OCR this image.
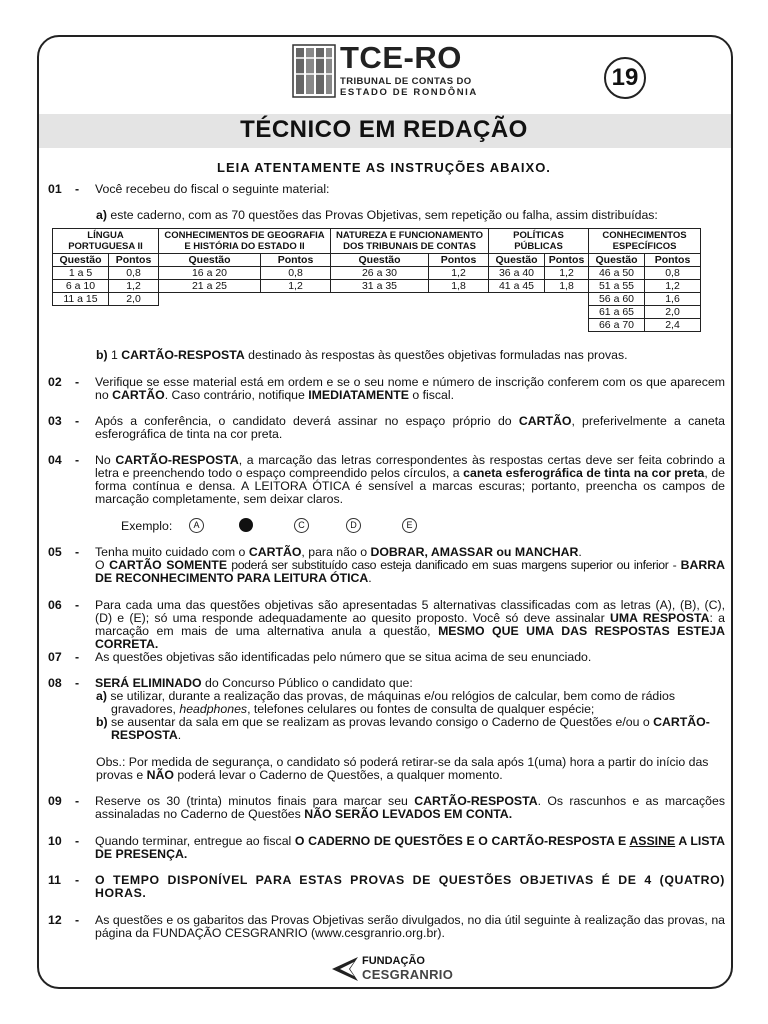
TCE-RO
TRIBUNAL DE CONTAS DO
ESTADO DE RONDÔNIA
19
TÉCNICO EM REDAÇÃO
LEIA ATENTAMENTE AS INSTRUÇÕES ABAIXO.
01 - Você recebeu do fiscal o seguinte material:
a) este caderno, com as 70 questões das Provas Objetivas, sem repetição ou falha, assim distribuídas:
LÍNGUA PORTUGUESA II		CONHECIMENTOS DE GEOGRAFIA E HISTÓRIA DO ESTADO II		NATUREZA E FUNCIONAMENTO DOS TRIBUNAIS DE CONTAS		POLÍTICAS PÚBLICAS		CONHECIMENTOS ESPECÍFICOS	
Questão	Pontos	Questão	Pontos	Questão	Pontos	Questão	Pontos	Questão	Pontos
1 a 5	0,8	16 a 20	0,8	26 a 30	1,2	36 a 40	1,2	46 a 50	0,8
6 a 10	1,2	21 a 25	1,2	31 a 35	1,8	41 a 45	1,8	51 a 55	1,2
11 a 15	2,0							56 a 60	1,6
								61 a 65	2,0
								66 a 70	2,4
b) 1 CARTÃO-RESPOSTA destinado às respostas às questões objetivas formuladas nas provas.
02 - Verifique se esse material está em ordem e se o seu nome e número de inscrição conferem com os que aparecem no CARTÃO. Caso contrário, notifique IMEDIATAMENTE o fiscal.
03 - Após a conferência, o candidato deverá assinar no espaço próprio do CARTÃO, preferivelmente a caneta esferográfica de tinta na cor preta.
04 - No CARTÃO-RESPOSTA, a marcação das letras correspondentes às respostas certas deve ser feita cobrindo a letra e preenchendo todo o espaço compreendido pelos círculos, a caneta esferográfica de tinta na cor preta, de forma contínua e densa. A LEITORA ÓTICA é sensível a marcas escuras; portanto, preencha os campos de marcação completamente, sem deixar claros.
Exemplo:	A	C	D	E
05 - Tenha muito cuidado com o CARTÃO, para não o DOBRAR, AMASSAR ou MANCHAR.
O CARTÃO SOMENTE poderá ser substituído caso esteja danificado em suas margens superior ou inferior - BARRA DE RECONHECIMENTO PARA LEITURA ÓTICA.
06 - Para cada uma das questões objetivas são apresentadas 5 alternativas classificadas com as letras (A), (B), (C), (D) e (E); só uma responde adequadamente ao quesito proposto. Você só deve assinalar UMA RESPOSTA: a marcação em mais de uma alternativa anula a questão, MESMO QUE UMA DAS RESPOSTAS ESTEJA CORRETA.
07 - As questões objetivas são identificadas pelo número que se situa acima de seu enunciado.
08 - SERÁ ELIMINADO do Concurso Público o candidato que:
a) se utilizar, durante a realização das provas, de máquinas e/ou relógios de calcular, bem como de rádios gravadores, headphones, telefones celulares ou fontes de consulta de qualquer espécie;
b) se ausentar da sala em que se realizam as provas levando consigo o Caderno de Questões e/ou o CARTÃO-RESPOSTA.
Obs.: Por medida de segurança, o candidato só poderá retirar-se da sala após 1(uma) hora a partir do início das provas e NÃO poderá levar o Caderno de Questões, a qualquer momento.
09 - Reserve os 30 (trinta) minutos finais para marcar seu CARTÃO-RESPOSTA. Os rascunhos e as marcações assinaladas no Caderno de Questões NÃO SERÃO LEVADOS EM CONTA.
10 - Quando terminar, entregue ao fiscal O CADERNO DE QUESTÕES E O CARTÃO-RESPOSTA E ASSINE A LISTA DE PRESENÇA.
11 - O TEMPO DISPONÍVEL PARA ESTAS PROVAS DE QUESTÕES OBJETIVAS É DE 4 (QUATRO) HORAS.
12 - As questões e os gabaritos das Provas Objetivas serão divulgados, no dia útil seguinte à realização das provas, na página da FUNDAÇÃO CESGRANRIO (www.cesgranrio.org.br).
FUNDAÇÃO
CESGRANRIO
